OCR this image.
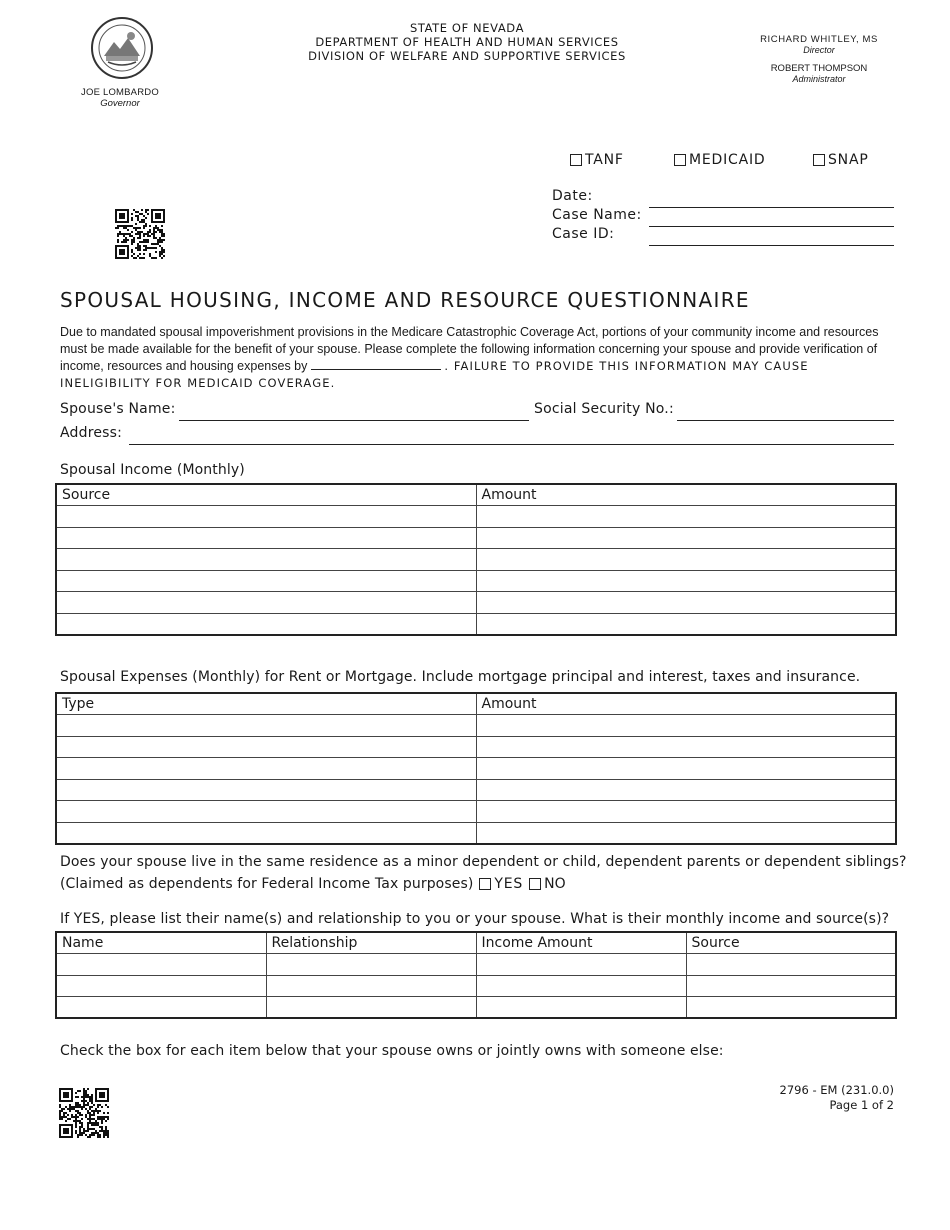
JOE LOMBARDO
Governor
STATE OF NEVADA
DEPARTMENT OF HEALTH AND HUMAN SERVICES
DIVISION OF WELFARE AND SUPPORTIVE SERVICES
RICHARD WHITLEY, MS
Director
ROBERT THOMPSON
Administrator
TANF	MEDICAID	SNAP
Date:
Case Name:
Case ID:
SPOUSAL HOUSING, INCOME AND RESOURCE QUESTIONNAIRE
Due to mandated spousal impoverishment provisions in the Medicare Catastrophic Coverage Act, portions of your community income and resources must be made available for the benefit of your spouse. Please complete the following information concerning your spouse and provide verification of income, resources and housing expenses by	. FAILURE TO PROVIDE THIS INFORMATION MAY CAUSE INELIGIBILITY FOR MEDICAID COVERAGE.
Spouse's Name:	Social Security No.:
Address:
Spousal Income (Monthly)
Source	Amount

Spousal Expenses (Monthly) for Rent or Mortgage. Include mortgage principal and interest, taxes and insurance.
Type	Amount

Does your spouse live in the same residence as a minor dependent or child, dependent parents or dependent siblings?
(Claimed as dependents for Federal Income Tax purposes) YES NO
If YES, please list their name(s) and relationship to you or your spouse. What is their monthly income and source(s)?
Name	Relationship	Income Amount	Source

Check the box for each item below that your spouse owns or jointly owns with someone else:
2796 - EM (231.0.0)
Page 1 of 2
